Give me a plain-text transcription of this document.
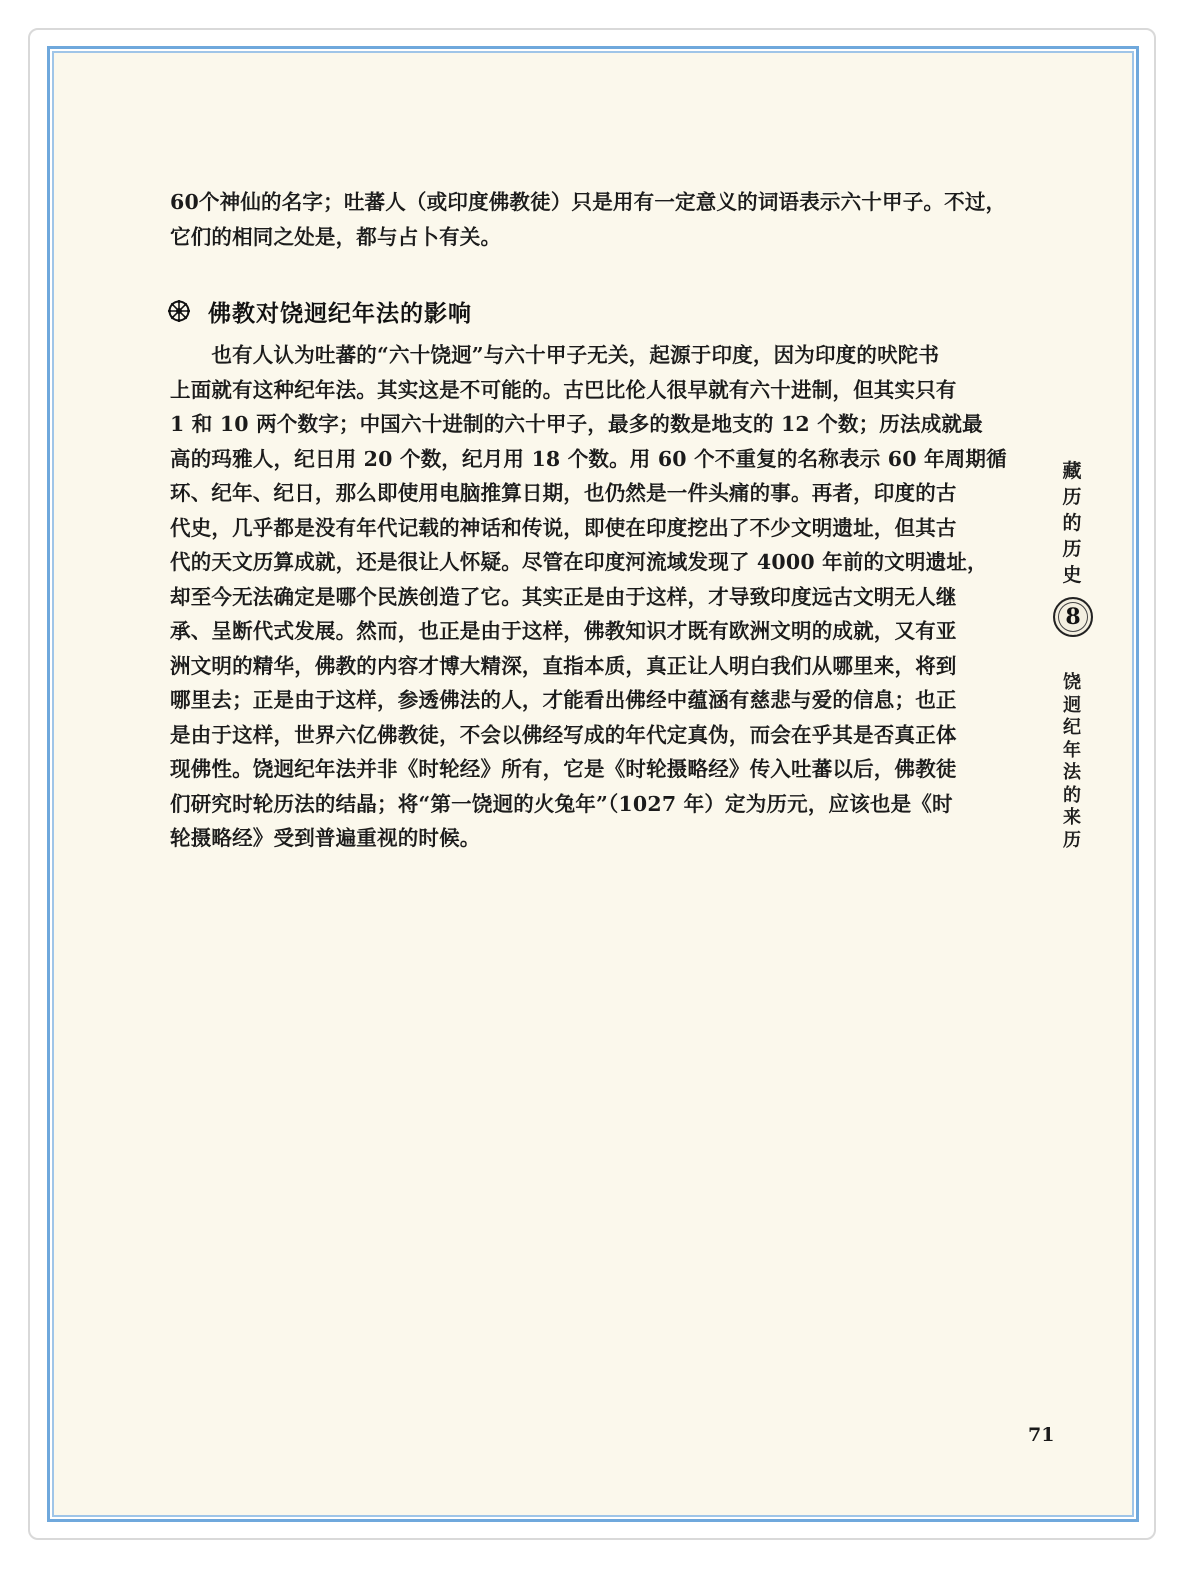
60个神仙的名字；吐蕃人（或印度佛教徒）只是用有一定意义的词语表示六十甲子。不过，
它们的相同之处是，都与占卜有关。
佛教对饶迥纪年法的影响
　　也有人认为吐蕃的“六十饶迥”与六十甲子无关，起源于印度，因为印度的吠陀书
上面就有这种纪年法。其实这是不可能的。古巴比伦人很早就有六十进制，但其实只有
1 和 10 两个数字；中国六十进制的六十甲子，最多的数是地支的 12 个数；历法成就最
高的玛雅人，纪日用 20 个数，纪月用 18 个数。用 60 个不重复的名称表示 60 年周期循
环、纪年、纪日，那么即使用电脑推算日期，也仍然是一件头痛的事。再者，印度的古
代史，几乎都是没有年代记载的神话和传说，即使在印度挖出了不少文明遗址，但其古
代的天文历算成就，还是很让人怀疑。尽管在印度河流域发现了 4000 年前的文明遗址，
却至今无法确定是哪个民族创造了它。其实正是由于这样，才导致印度远古文明无人继
承、呈断代式发展。然而，也正是由于这样，佛教知识才既有欧洲文明的成就，又有亚
洲文明的精华，佛教的内容才博大精深，直指本质，真正让人明白我们从哪里来，将到
哪里去；正是由于这样，参透佛法的人，才能看出佛经中蕴涵有慈悲与爱的信息；也正
是由于这样，世界六亿佛教徒，不会以佛经写成的年代定真伪，而会在乎其是否真正体
现佛性。饶迥纪年法并非《时轮经》所有，它是《时轮摄略经》传入吐蕃以后，佛教徒
们研究时轮历法的结晶；将“第一饶迥的火兔年”（1027 年）定为历元，应该也是《时
轮摄略经》受到普遍重视的时候。
藏
历
的
历
史
8
饶
迥
纪
年
法
的
来
历
71
